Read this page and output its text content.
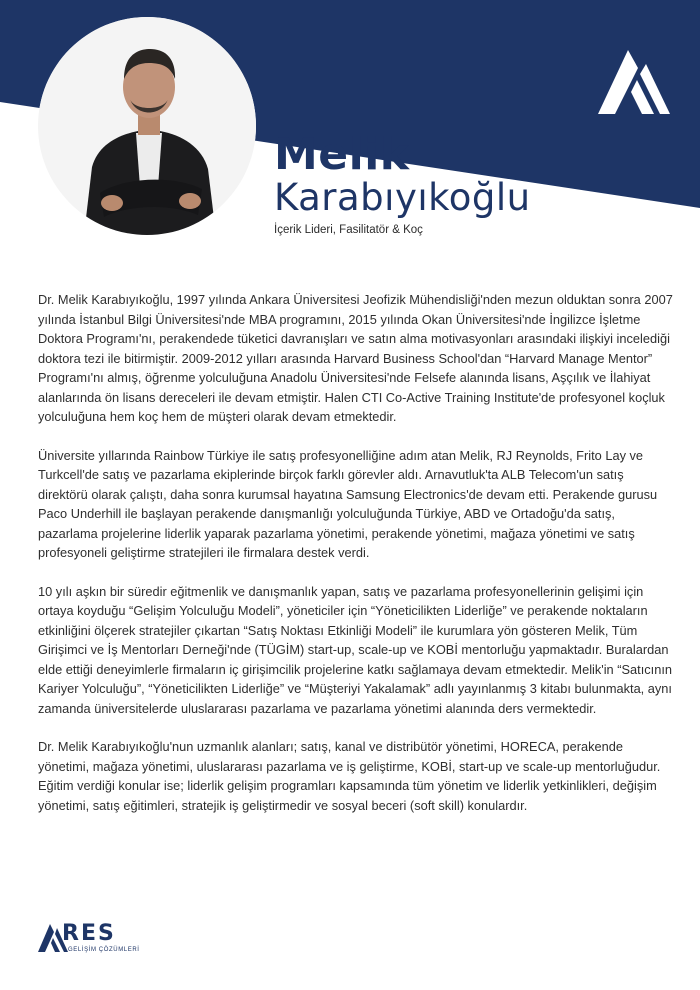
Melik
Karabıyıkoğlu

İçerik Lideri, Fasilitatör & Koç

Dr. Melik Karabıyıkoğlu, 1997 yılında Ankara Üniversitesi Jeofizik Mühendisliği'nden mezun olduktan sonra 2007 yılında İstanbul Bilgi Üniversitesi'nde MBA programını, 2015 yılında Okan Üniversitesi'nde İngilizce İşletme Doktora Programı'nı, perakendede tüketici davranışları ve satın alma motivasyonları arasındaki ilişkiyi incelediği doktora tezi ile bitirmiştir. 2009-2012 yılları arasında Harvard Business School'dan “Harvard Manage Mentor” Programı'nı almış, öğrenme yolculuğuna Anadolu Üniversitesi'nde Felsefe alanında lisans, Aşçılık ve İlahiyat alanlarında ön lisans dereceleri ile devam etmiştir. Halen CTI Co-Active Training Institute'de profesyonel koçluk yolculuğuna hem koç hem de müşteri olarak devam etmektedir.

Üniversite yıllarında Rainbow Türkiye ile satış profesyonelliğine adım atan Melik, RJ Reynolds, Frito Lay ve Turkcell'de satış ve pazarlama ekiplerinde birçok farklı görevler aldı. Arnavutluk'ta ALB Telecom'un satış direktörü olarak çalıştı, daha sonra kurumsal hayatına Samsung Electronics'de devam etti. Perakende gurusu Paco Underhill ile başlayan perakende danışmanlığı yolculuğunda Türkiye, ABD ve Ortadoğu'da satış, pazarlama projelerine liderlik yaparak pazarlama yönetimi, perakende yönetimi, mağaza yönetimi ve satış profesyoneli geliştirme stratejileri ile firmalara destek verdi.

10 yılı aşkın bir süredir eğitmenlik ve danışmanlık yapan, satış ve pazarlama profesyonellerinin gelişimi için ortaya koyduğu “Gelişim Yolculuğu Modeli”, yöneticiler için “Yöneticilikten Liderliğe” ve perakende noktaların etkinliğini ölçerek stratejiler çıkartan “Satış Noktası Etkinliği Modeli” ile kurumlara yön gösteren Melik, Tüm Girişimci ve İş Mentorları Derneği'nde (TÜGİM) start-up, scale-up ve KOBİ mentorluğu yapmaktadır. Buralardan elde ettiği deneyimlerle firmaların iç girişimcilik projelerine katkı sağlamaya devam etmektedir. Melik'in “Satıcının Kariyer Yolculuğu”, “Yöneticilikten Liderliğe” ve “Müşteriyi Yakalamak” adlı yayınlanmış 3 kitabı bulunmakta, aynı zamanda üniversitelerde uluslararası pazarlama ve pazarlama yönetimi alanında ders vermektedir.

Dr. Melik Karabıyıkoğlu'nun uzmanlık alanları; satış, kanal ve distribütör yönetimi, HORECA, perakende yönetimi, mağaza yönetimi, uluslararası pazarlama ve iş geliştirme, KOBİ, start-up ve scale-up mentorluğudur. Eğitim verdiği konular ise; liderlik gelişim programları kapsamında tüm yönetim ve liderlik yetkinlikleri, değişim yönetimi, satış eğitimleri, stratejik iş geliştirmedir ve sosyal beceri (soft skill) konulardır.

RES
GELİŞİM ÇÖZÜMLERİ
